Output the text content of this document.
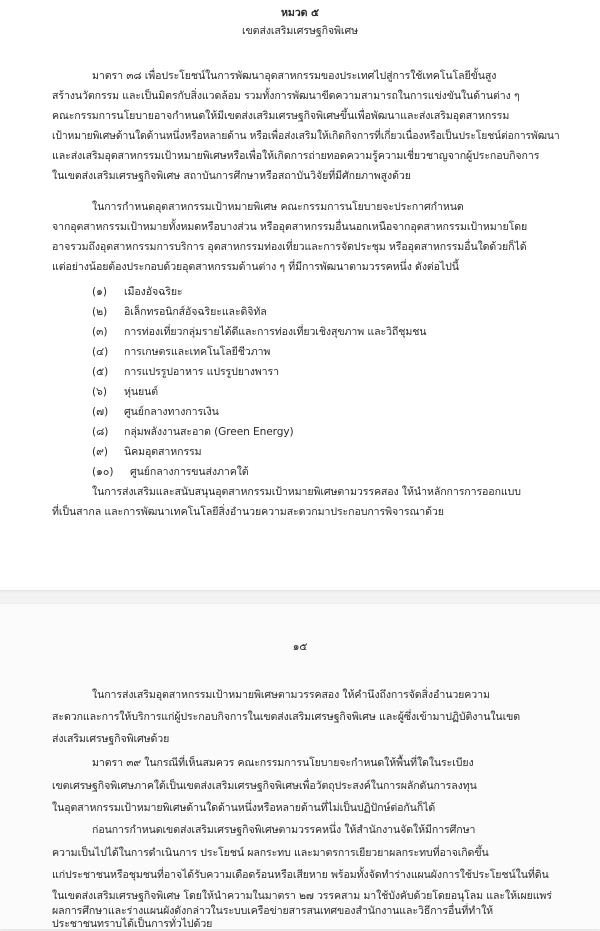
หมวด ๕
เขตส่งเสริมเศรษฐกิจพิเศษ
มาตรา ๓๘ เพื่อประโยชน์ในการพัฒนาอุตสาหกรรมของประเทศไปสู่การใช้เทคโนโลยีขั้นสูง
สร้างนวัตกรรม และเป็นมิตรกับสิ่งแวดล้อม รวมทั้งการพัฒนาขีดความสามารถในการแข่งขันในด้านต่าง ๆ
คณะกรรมการนโยบายอาจกำหนดให้มีเขตส่งเสริมเศรษฐกิจพิเศษขึ้นเพื่อพัฒนาและส่งเสริมอุตสาหกรรม
เป้าหมายพิเศษด้านใดด้านหนึ่งหรือหลายด้าน หรือเพื่อส่งเสริมให้เกิดกิจการที่เกี่ยวเนื่องหรือเป็นประโยชน์ต่อการพัฒนา
และส่งเสริมอุตสาหกรรมเป้าหมายพิเศษหรือเพื่อให้เกิดการถ่ายทอดความรู้ความเชี่ยวชาญจากผู้ประกอบกิจการ
ในเขตส่งเสริมเศรษฐกิจพิเศษ สถาบันการศึกษาหรือสถาบันวิจัยที่มีศักยภาพสูงด้วย
ในการกำหนดอุตสาหกรรมเป้าหมายพิเศษ คณะกรรมการนโยบายจะประกาศกำหนด
จากอุตสาหกรรมเป้าหมายทั้งหมดหรือบางส่วน หรืออุตสาหกรรมอื่นนอกเหนือจากอุตสาหกรรมเป้าหมายโดย
อาจรวมถึงอุตสาหกรรมการบริการ อุตสาหกรรมท่องเที่ยวและการจัดประชุม หรืออุตสาหกรรมอื่นใดด้วยก็ได้
แต่อย่างน้อยต้องประกอบด้วยอุตสาหกรรมด้านต่าง ๆ ที่มีการพัฒนาตามวรรคหนึ่ง ดังต่อไปนี้
(๑) เมืองอัจฉริยะ
(๒) อิเล็กทรอนิกส์อัจฉริยะและดิจิทัล
(๓) การท่องเที่ยวกลุ่มรายได้ดีและการท่องเที่ยวเชิงสุขภาพ และวิถีชุมชน
(๔) การเกษตรและเทคโนโลยีชีวภาพ
(๕) การแปรรูปอาหาร แปรรูปยางพารา
(๖) หุ่นยนต์
(๗) ศูนย์กลางทางการเงิน
(๘) กลุ่มพลังงานสะอาด (Green Energy)
(๙) นิคมอุตสาหกรรม
(๑๐) ศูนย์กลางการขนส่งภาคใต้
ในการส่งเสริมและสนับสนุนอุตสาหกรรมเป้าหมายพิเศษตามวรรคสอง ให้นำหลักการการออกแบบ
ที่เป็นสากล และการพัฒนาเทคโนโลยีสิ่งอำนวยความสะดวกมาประกอบการพิจารณาด้วย
๑๕
ในการส่งเสริมอุตสาหกรรมเป้าหมายพิเศษตามวรรคสอง ให้คำนึงถึงการจัดสิ่งอำนวยความ
สะดวกและการให้บริการแก่ผู้ประกอบกิจการในเขตส่งเสริมเศรษฐกิจพิเศษ และผู้ซึ่งเข้ามาปฏิบัติงานในเขต
ส่งเสริมเศรษฐกิจพิเศษด้วย
มาตรา ๓๙ ในกรณีที่เห็นสมควร คณะกรรมการนโยบายจะกำหนดให้พื้นที่ใดในระเบียง
เขตเศรษฐกิจพิเศษภาคใต้เป็นเขตส่งเสริมเศรษฐกิจพิเศษเพื่อวัตถุประสงค์ในการผลักดันการลงทุน
ในอุตสาหกรรมเป้าหมายพิเศษด้านใดด้านหนึ่งหรือหลายด้านที่ไม่เป็นปฏิปักษ์ต่อกันก็ได้
ก่อนการกำหนดเขตส่งเสริมเศรษฐกิจพิเศษตามวรรคหนึ่ง ให้สำนักงานจัดให้มีการศึกษา
ความเป็นไปได้ในการดำเนินการ ประโยชน์ ผลกระทบ และมาตรการเยียวยาผลกระทบที่อาจเกิดขึ้น
แก่ประชาชนหรือชุมชนที่อาจได้รับความเดือดร้อนหรือเสียหาย พร้อมทั้งจัดทำร่างแผนผังการใช้ประโยชน์ในที่ดิน
ในเขตส่งเสริมเศรษฐกิจพิเศษ โดยให้นำความในมาตรา ๒๗ วรรคสาม มาใช้บังคับด้วยโดยอนุโลม และให้เผยแพร่
ผลการศึกษาและร่างแผนผังดังกล่าวในระบบเครือข่ายสารสนเทศของสำนักงานและวิธีการอื่นที่ทำให้
ประชาชนทราบได้เป็นการทั่วไปด้วย
